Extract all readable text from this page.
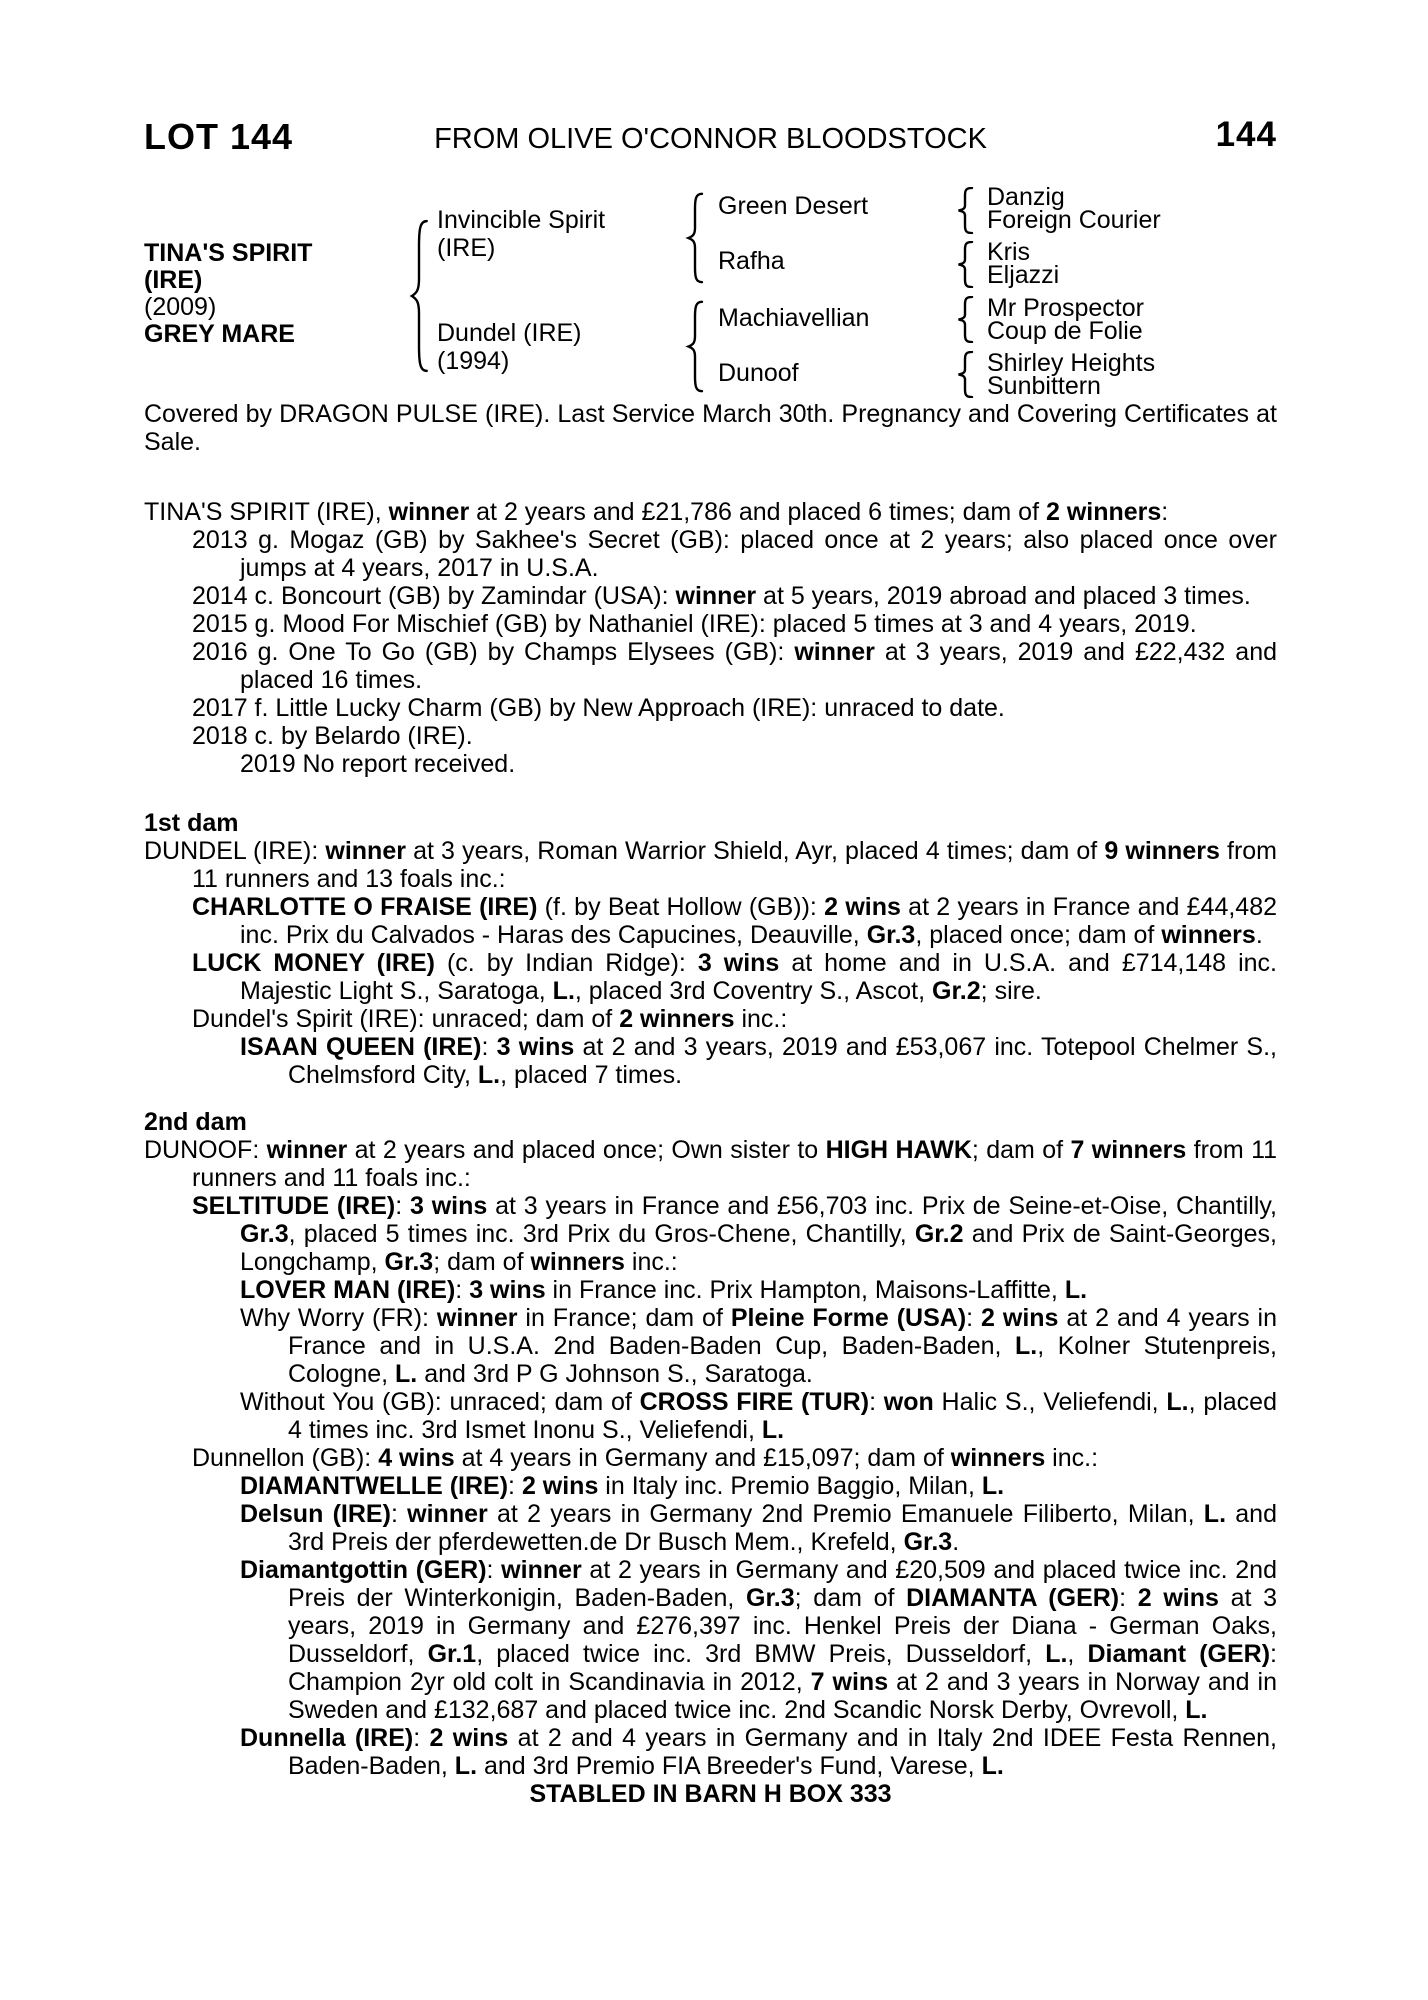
LOT 144	FROM OLIVE O'CONNOR BLOODSTOCK	144
TINA'S SPIRIT
(IRE)
(2009)
GREY MARE
Invincible Spirit
(IRE)
Dundel (IRE)
(1994)
Green Desert
Rafha
Machiavellian
Dunoof
Danzig
Foreign Courier
Kris
Eljazzi
Mr Prospector
Coup de Folie
Shirley Heights
Sunbittern

Covered by DRAGON PULSE (IRE). Last Service March 30th. Pregnancy and Covering Certificates at Sale.

TINA'S SPIRIT (IRE), winner at 2 years and £21,786 and placed 6 times; dam of 2 winners:

2013 g. Mogaz (GB) by Sakhee's Secret (GB): placed once at 2 years; also placed once over jumps at 4 years, 2017 in U.S.A.

2014 c. Boncourt (GB) by Zamindar (USA): winner at 5 years, 2019 abroad and placed 3 times.

2015 g. Mood For Mischief (GB) by Nathaniel (IRE): placed 5 times at 3 and 4 years, 2019.

2016 g. One To Go (GB) by Champs Elysees (GB): winner at 3 years, 2019 and £22,432 and placed 16 times.

2017 f. Little Lucky Charm (GB) by New Approach (IRE): unraced to date.

2018 c. by Belardo (IRE).

2019 No report received.

1st dam

DUNDEL (IRE): winner at 3 years, Roman Warrior Shield, Ayr, placed 4 times; dam of 9 winners from 11 runners and 13 foals inc.:

CHARLOTTE O FRAISE (IRE) (f. by Beat Hollow (GB)): 2 wins at 2 years in France and £44,482 inc. Prix du Calvados - Haras des Capucines, Deauville, Gr.3, placed once; dam of winners.

LUCK MONEY (IRE) (c. by Indian Ridge): 3 wins at home and in U.S.A. and £714,148 inc. Majestic Light S., Saratoga, L., placed 3rd Coventry S., Ascot, Gr.2; sire.

Dundel's Spirit (IRE): unraced; dam of 2 winners inc.:

ISAAN QUEEN (IRE): 3 wins at 2 and 3 years, 2019 and £53,067 inc. Totepool Chelmer S., Chelmsford City, L., placed 7 times.

2nd dam

DUNOOF: winner at 2 years and placed once; Own sister to HIGH HAWK; dam of 7 winners from 11 runners and 11 foals inc.:

SELTITUDE (IRE): 3 wins at 3 years in France and £56,703 inc. Prix de Seine-et-Oise, Chantilly, Gr.3, placed 5 times inc. 3rd Prix du Gros-Chene, Chantilly, Gr.2 and Prix de Saint-Georges, Longchamp, Gr.3; dam of winners inc.:

LOVER MAN (IRE): 3 wins in France inc. Prix Hampton, Maisons-Laffitte, L.

Why Worry (FR): winner in France; dam of Pleine Forme (USA): 2 wins at 2 and 4 years in France and in U.S.A. 2nd Baden-Baden Cup, Baden-Baden, L., Kolner Stutenpreis, Cologne, L. and 3rd P G Johnson S., Saratoga.

Without You (GB): unraced; dam of CROSS FIRE (TUR): won Halic S., Veliefendi, L., placed 4 times inc. 3rd Ismet Inonu S., Veliefendi, L.

Dunnellon (GB): 4 wins at 4 years in Germany and £15,097; dam of winners inc.:

DIAMANTWELLE (IRE): 2 wins in Italy inc. Premio Baggio, Milan, L.

Delsun (IRE): winner at 2 years in Germany 2nd Premio Emanuele Filiberto, Milan, L. and 3rd Preis der pferdewetten.de Dr Busch Mem., Krefeld, Gr.3.

Diamantgottin (GER): winner at 2 years in Germany and £20,509 and placed twice inc. 2nd Preis der Winterkonigin, Baden-Baden, Gr.3; dam of DIAMANTA (GER): 2 wins at 3 years, 2019 in Germany and £276,397 inc. Henkel Preis der Diana - German Oaks, Dusseldorf, Gr.1, placed twice inc. 3rd BMW Preis, Dusseldorf, L., Diamant (GER): Champion 2yr old colt in Scandinavia in 2012, 7 wins at 2 and 3 years in Norway and in Sweden and £132,687 and placed twice inc. 2nd Scandic Norsk Derby, Ovrevoll, L.

Dunnella (IRE): 2 wins at 2 and 4 years in Germany and in Italy 2nd IDEE Festa Rennen, Baden-Baden, L. and 3rd Premio FIA Breeder's Fund, Varese, L.

STABLED IN BARN H BOX 333
